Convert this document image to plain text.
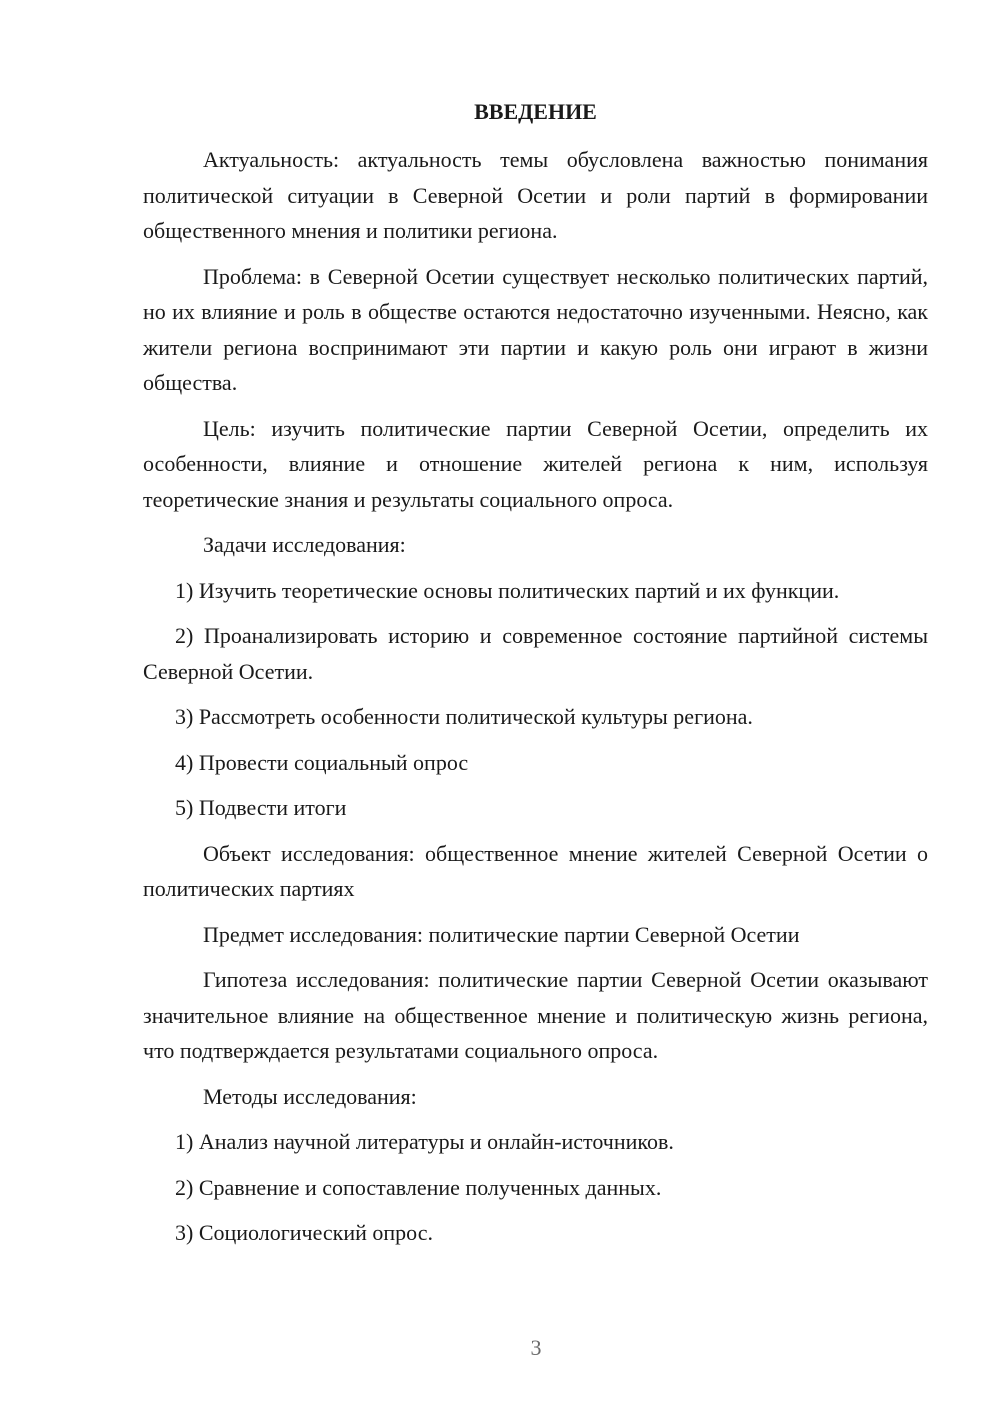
ВВЕДЕНИЕ

Актуальность: актуальность темы обусловлена важностью понимания политической ситуации в Северной Осетии и роли партий в формировании общественного мнения и политики региона.

Проблема: в Северной Осетии существует несколько политических партий, но их влияние и роль в обществе остаются недостаточно изученными. Неясно, как жители региона воспринимают эти партии и какую роль они играют в жизни общества.

Цель: изучить политические партии Северной Осетии, определить их особенности, влияние и отношение жителей региона к ним, используя теоретические знания и результаты социального опроса.

Задачи исследования:

1) Изучить теоретические основы политических партий и их функции.

2) Проанализировать историю и современное состояние партийной системы Северной Осетии.

3) Рассмотреть особенности политической культуры региона.

4) Провести социальный опрос

5) Подвести итоги

Объект исследования: общественное мнение жителей Северной Осетии о политических партиях

Предмет исследования: политические партии Северной Осетии

Гипотеза исследования: политические партии Северной Осетии оказывают значительное влияние на общественное мнение и политическую жизнь региона, что подтверждается результатами социального опроса.

Методы исследования:

1) Анализ научной литературы и онлайн-источников.

2) Сравнение и сопоставление полученных данных.

3) Социологический опрос.

3
